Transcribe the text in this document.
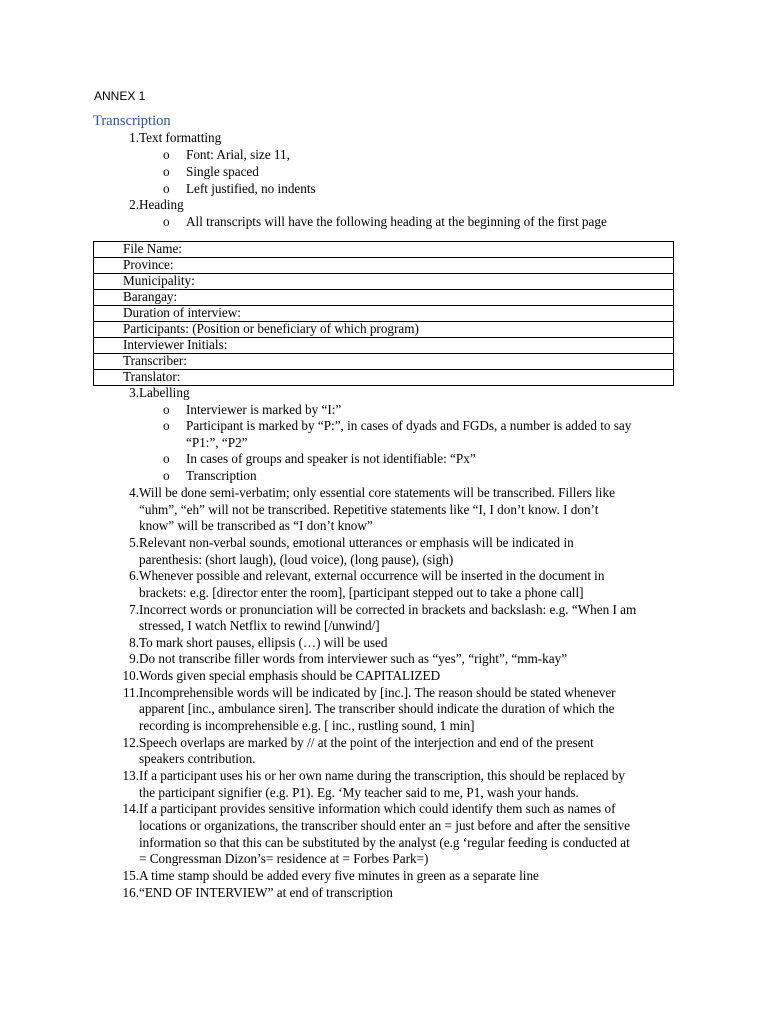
ANNEX 1
Transcription
1. Text formatting
o Font: Arial, size 11,
o Single spaced
o Left justified, no indents
2. Heading
o All transcripts will have the following heading at the beginning of the first page
File Name:
Province:
Municipality:
Barangay:
Duration of interview:
Participants: (Position or beneficiary of which program)
Interviewer Initials:
Transcriber:
Translator:
3. Labelling
o Interviewer is marked by “I:”
o Participant is marked by “P:”, in cases of dyads and FGDs, a number is added to say
“P1:”, “P2”
o In cases of groups and speaker is not identifiable: “Px”
o Transcription
4. Will be done semi-verbatim; only essential core statements will be transcribed. Fillers like
“uhm”, “eh” will not be transcribed. Repetitive statements like “I, I don’t know. I don’t
know” will be transcribed as “I don’t know”
5. Relevant non-verbal sounds, emotional utterances or emphasis will be indicated in
parenthesis: (short laugh), (loud voice), (long pause), (sigh)
6. Whenever possible and relevant, external occurrence will be inserted in the document in
brackets: e.g. [director enter the room], [participant stepped out to take a phone call]
7. Incorrect words or pronunciation will be corrected in brackets and backslash: e.g. “When I am
stressed, I watch Netflix to rewind [/unwind/]
8. To mark short pauses, ellipsis (…) will be used
9. Do not transcribe filler words from interviewer such as “yes”, “right”, “mm-kay”
10. Words given special emphasis should be CAPITALIZED
11. Incomprehensible words will be indicated by [inc.]. The reason should be stated whenever
apparent [inc., ambulance siren]. The transcriber should indicate the duration of which the
recording is incomprehensible e.g. [ inc., rustling sound, 1 min]
12. Speech overlaps are marked by // at the point of the interjection and end of the present
speakers contribution.
13. If a participant uses his or her own name during the transcription, this should be replaced by
the participant signifier (e.g. P1). Eg. ‘My teacher said to me, P1, wash your hands.
14. If a participant provides sensitive information which could identify them such as names of
locations or organizations, the transcriber should enter an = just before and after the sensitive
information so that this can be substituted by the analyst (e.g ‘regular feeding is conducted at
= Congressman Dizon’s= residence at = Forbes Park=)
15. A time stamp should be added every five minutes in green as a separate line
16. “END OF INTERVIEW” at end of transcription
